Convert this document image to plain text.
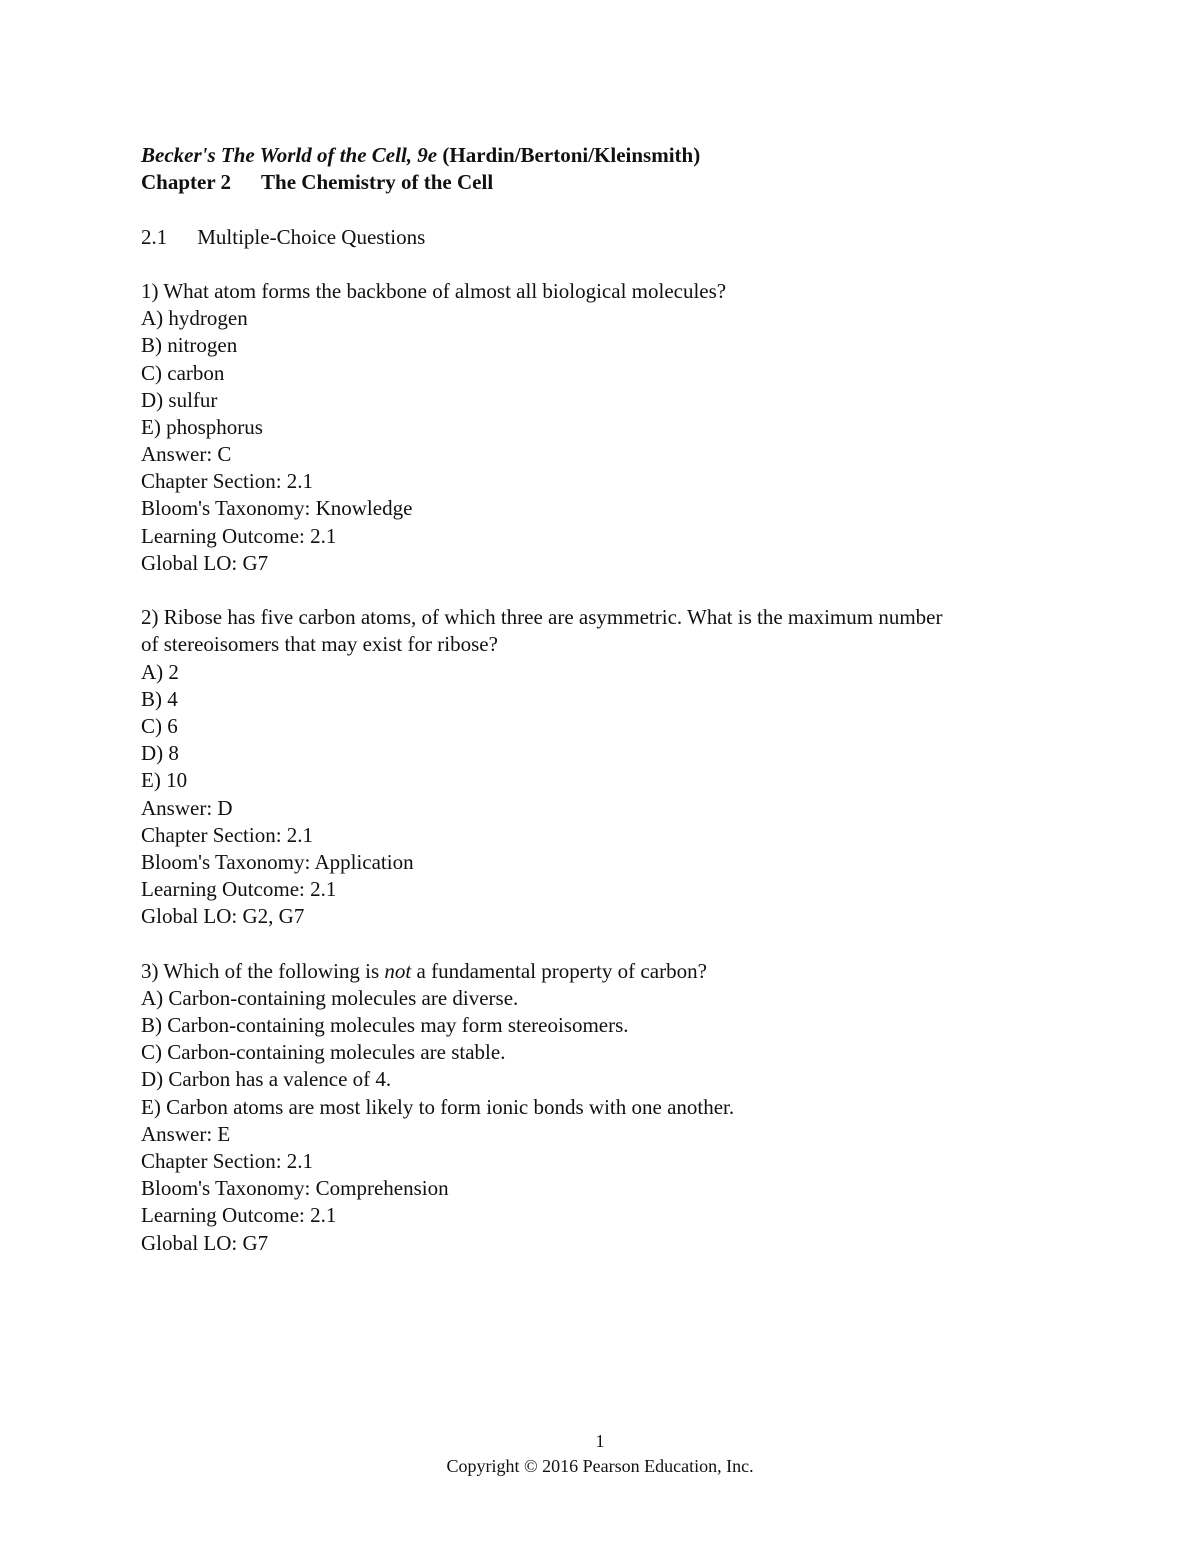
Becker's The World of the Cell, 9e (Hardin/Bertoni/Kleinsmith)
Chapter 2 The Chemistry of the Cell
2.1 Multiple-Choice Questions
1) What atom forms the backbone of almost all biological molecules?
A) hydrogen
B) nitrogen
C) carbon
D) sulfur
E) phosphorus
Answer: C
Chapter Section: 2.1
Bloom's Taxonomy: Knowledge
Learning Outcome: 2.1
Global LO: G7
2) Ribose has five carbon atoms, of which three are asymmetric. What is the maximum number
of stereoisomers that may exist for ribose?
A) 2
B) 4
C) 6
D) 8
E) 10
Answer: D
Chapter Section: 2.1
Bloom's Taxonomy: Application
Learning Outcome: 2.1
Global LO: G2, G7
3) Which of the following is not a fundamental property of carbon?
A) Carbon-containing molecules are diverse.
B) Carbon-containing molecules may form stereoisomers.
C) Carbon-containing molecules are stable.
D) Carbon has a valence of 4.
E) Carbon atoms are most likely to form ionic bonds with one another.
Answer: E
Chapter Section: 2.1
Bloom's Taxonomy: Comprehension
Learning Outcome: 2.1
Global LO: G7
1
Copyright © 2016 Pearson Education, Inc.
